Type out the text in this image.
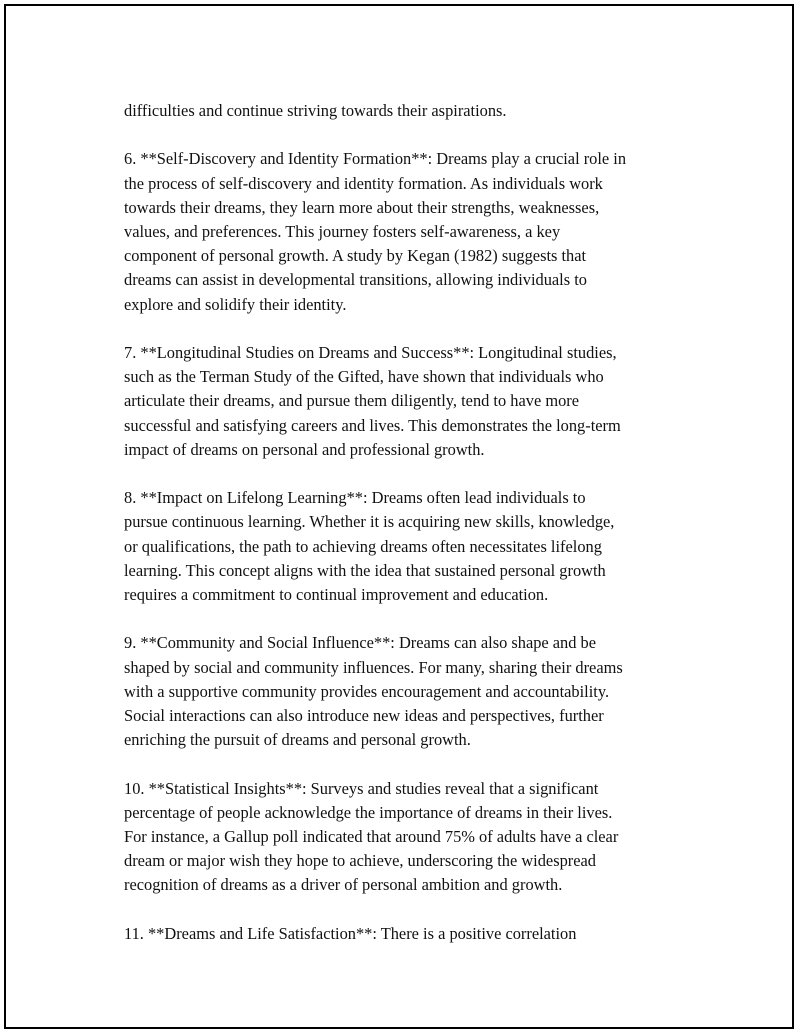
difficulties and continue striving towards their aspirations.

6. **Self-Discovery and Identity Formation**: Dreams play a crucial role in
the process of self-discovery and identity formation. As individuals work
towards their dreams, they learn more about their strengths, weaknesses,
values, and preferences. This journey fosters self-awareness, a key
component of personal growth. A study by Kegan (1982) suggests that
dreams can assist in developmental transitions, allowing individuals to
explore and solidify their identity.

7. **Longitudinal Studies on Dreams and Success**: Longitudinal studies,
such as the Terman Study of the Gifted, have shown that individuals who
articulate their dreams, and pursue them diligently, tend to have more
successful and satisfying careers and lives. This demonstrates the long-term
impact of dreams on personal and professional growth.

8. **Impact on Lifelong Learning**: Dreams often lead individuals to
pursue continuous learning. Whether it is acquiring new skills, knowledge,
or qualifications, the path to achieving dreams often necessitates lifelong
learning. This concept aligns with the idea that sustained personal growth
requires a commitment to continual improvement and education.

9. **Community and Social Influence**: Dreams can also shape and be
shaped by social and community influences. For many, sharing their dreams
with a supportive community provides encouragement and accountability.
Social interactions can also introduce new ideas and perspectives, further
enriching the pursuit of dreams and personal growth.

10. **Statistical Insights**: Surveys and studies reveal that a significant
percentage of people acknowledge the importance of dreams in their lives.
For instance, a Gallup poll indicated that around 75% of adults have a clear
dream or major wish they hope to achieve, underscoring the widespread
recognition of dreams as a driver of personal ambition and growth.

11. **Dreams and Life Satisfaction**: There is a positive correlation
